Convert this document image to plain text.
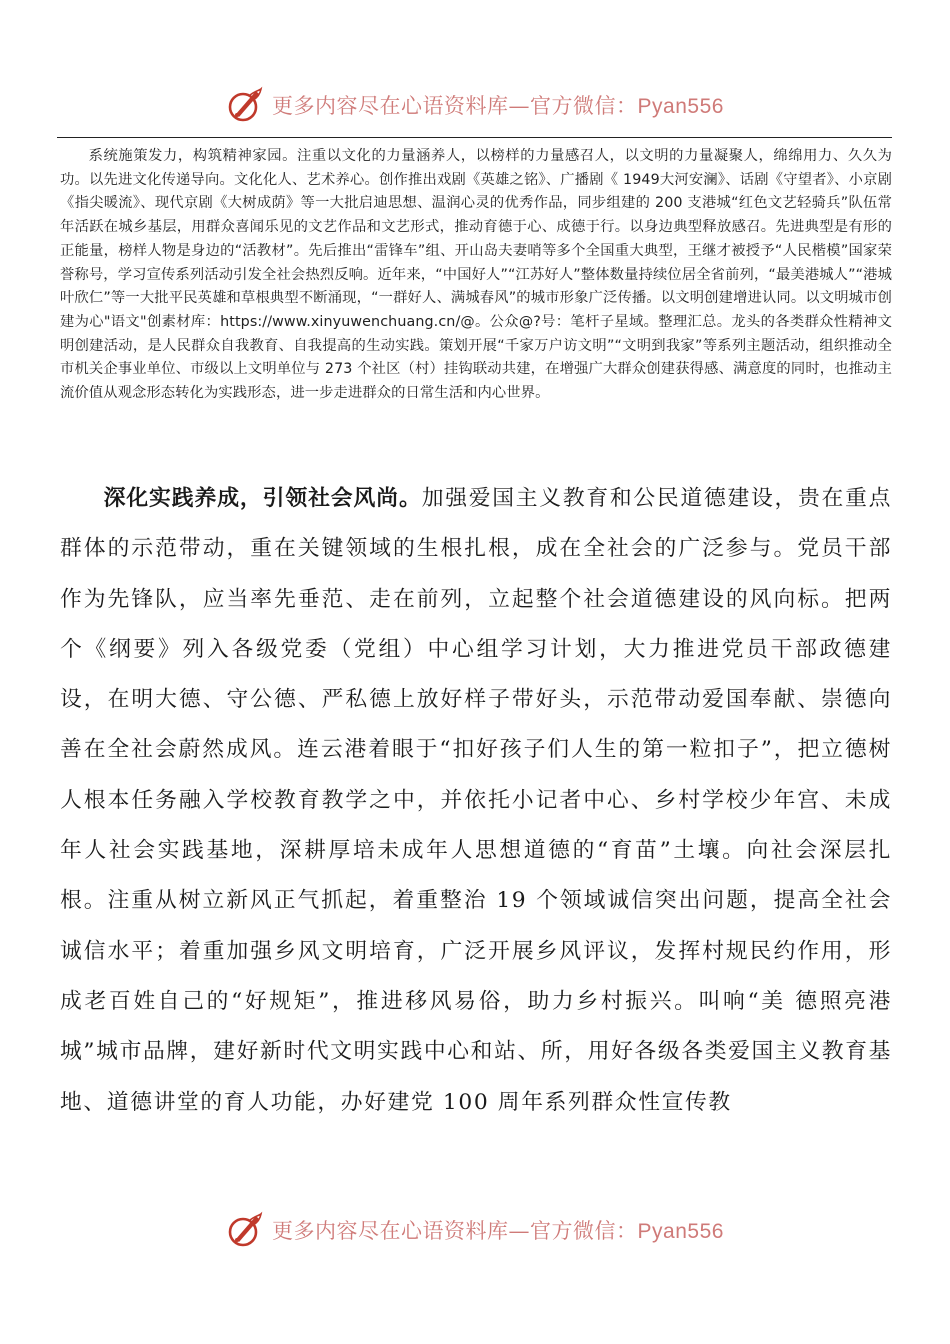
更多内容尽在心语资料库—官方微信：Pyan556

系统施策发力，构筑精神家园。注重以文化的力量涵养人，以榜样的力量感召人，以文明的力量凝聚人，绵绵用力、久久为功。以先进文化传递导向。文化化人、艺术养心。创作推出戏剧《英雄之铭》、广播剧《 1949大河安澜》、话剧《守望者》、小京剧《指尖暖流》、现代京剧《大树成荫》等一大批启迪思想、温润心灵的优秀作品，同步组建的 200 支港城“红色文艺轻骑兵”队伍常年活跃在城乡基层，用群众喜闻乐见的文艺作品和文艺形式，推动育德于心、成德于行。以身边典型释放感召。先进典型是有形的正能量，榜样人物是身边的“活教材”。先后推出“雷锋车”组、开山岛夫妻哨等多个全国重大典型，王继才被授予“人民楷模”国家荣誉称号，学习宣传系列活动引发全社会热烈反响。近年来，“中国好人”“江苏好人”整体数量持续位居全省前列，“最美港城人”“港城叶欣仁”等一大批平民英雄和草根典型不断涌现，“一群好人、满城春风”的城市形象广泛传播。以文明创建增进认同。以文明城市创建为心"语文"创素材库：https://www.xinyuwenchuang.cn/@。公众@?号：笔杆子星域。整理汇总。龙头的各类群众性精神文明创建活动，是人民群众自我教育、自我提高的生动实践。策划开展“千家万户访文明”“文明到我家”等系列主题活动，组织推动全市机关企事业单位、市级以上文明单位与 273 个社区（村）挂钩联动共建，在增强广大群众创建获得感、满意度的同时，也推动主流价值从观念形态转化为实践形态，进一步走进群众的日常生活和内心世界。

深化实践养成，引领社会风尚。加强爱国主义教育和公民道德建设，贵在重点群体的示范带动，重在关键领域的生根扎根，成在全社会的广泛参与。党员干部作为先锋队，应当率先垂范、走在前列，立起整个社会道德建设的风向标。把两个《纲要》列入各级党委（党组）中心组学习计划，大力推进党员干部政德建设，在明大德、守公德、严私德上放好样子带好头，示范带动爱国奉献、崇德向善在全社会蔚然成风。连云港着眼于“扣好孩子们人生的第一粒扣子”，把立德树人根本任务融入学校教育教学之中，并依托小记者中心、乡村学校少年宫、未成年人社会实践基地，深耕厚培未成年人思想道德的“育苗”土壤。向社会深层扎根。注重从树立新风正气抓起，着重整治 19 个领域诚信突出问题，提高全社会诚信水平；着重加强乡风文明培育，广泛开展乡风评议，发挥村规民约作用，形成老百姓自己的“好规矩”，推进移风易俗，助力乡村振兴。叫响“美 德照亮港城”城市品牌，建好新时代文明实践中心和站、所，用好各级各类爱国主义教育基地、道德讲堂的育人功能，办好建党 100 周年系列群众性宣传教

更多内容尽在心语资料库—官方微信：Pyan556
